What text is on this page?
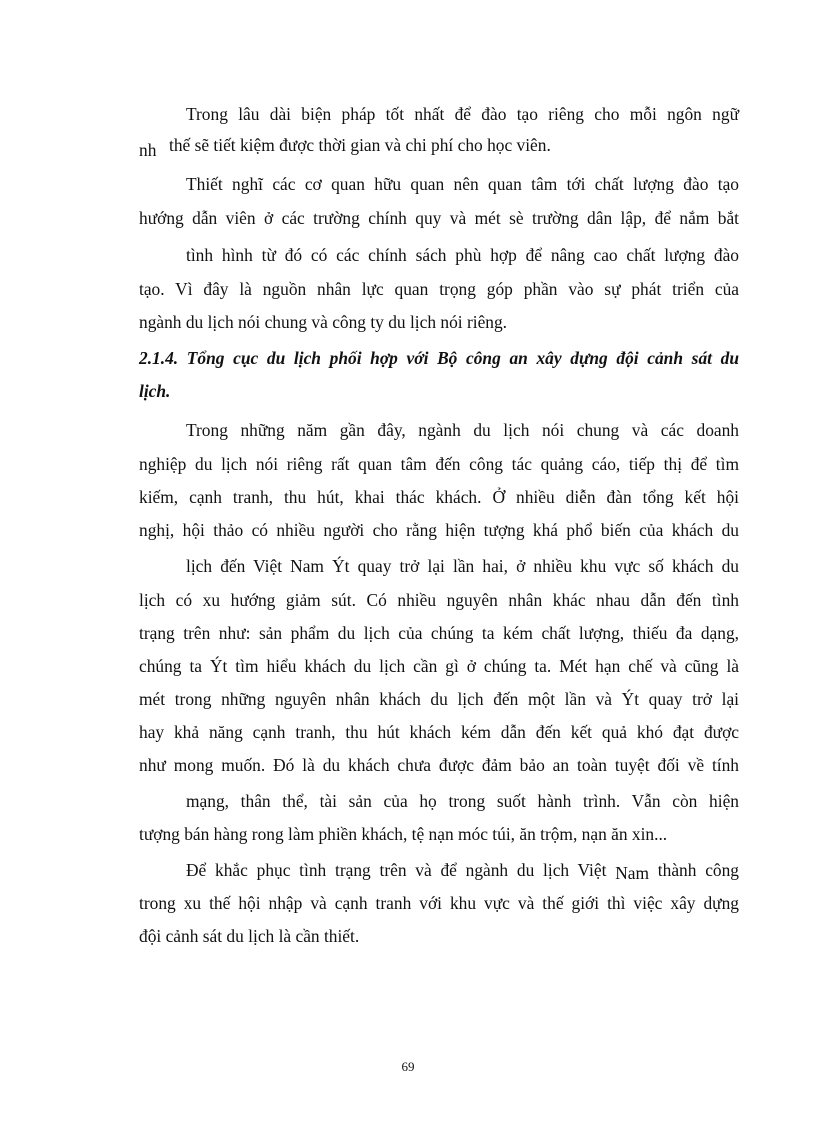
Trong lâu dài biện pháp tốt nhất để đào tạo riêng cho mỗi ngôn ngữ
nh thế sẽ tiết kiệm được thời gian và chi phí cho học viên.
Thiết nghĩ các cơ quan hữu quan nên quan tâm tới chất lượng đào tạo
hướng dẫn viên ở các trường chính quy và mét sè trường dân lập, để nắm bắt
tình hình từ đó có các chính sách phù hợp để nâng cao chất lượng đào
tạo. Vì đây là nguồn nhân lực quan trọng góp phần vào sự phát triển của
ngành du lịch nói chung và công ty du lịch nói riêng.
2.1.4. Tổng cục du lịch phối hợp với Bộ công an xây dựng đội cảnh sát du
lịch.
Trong những năm gần đây, ngành du lịch nói chung và các doanh
nghiệp du lịch nói riêng rất quan tâm đến công tác quảng cáo, tiếp thị để tìm
kiếm, cạnh tranh, thu hút, khai thác khách. Ở nhiều diễn đàn tổng kết hội
nghị, hội thảo có nhiều người cho rằng hiện tượng khá phổ biến của khách du
lịch đến Việt Nam Ýt quay trở lại lần hai, ở nhiều khu vực số khách du
lịch có xu hướng giảm sút. Có nhiều nguyên nhân khác nhau dẫn đến tình
trạng trên như: sản phẩm du lịch của chúng ta kém chất lượng, thiếu đa dạng,
chúng ta Ýt tìm hiểu khách du lịch cần gì ở chúng ta. Mét hạn chế và cũng là
mét trong những nguyên nhân khách du lịch đến một lần và Ýt quay trở lại
hay khả năng cạnh tranh, thu hút khách kém dẫn đến kết quả khó đạt được
như mong muốn. Đó là du khách chưa được đảm bảo an toàn tuyệt đối về tính
mạng, thân thể, tài sản của họ trong suốt hành trình. Vẫn còn hiện
tượng bán hàng rong làm phiền khách, tệ nạn móc túi, ăn trộm, nạn ăn xin...
Để khắc phục tình trạng trên và để ngành du lịch Việt Nam thành công
trong xu thế hội nhập và cạnh tranh với khu vực và thế giới thì việc xây dựng
đội cảnh sát du lịch là cần thiết.
69
